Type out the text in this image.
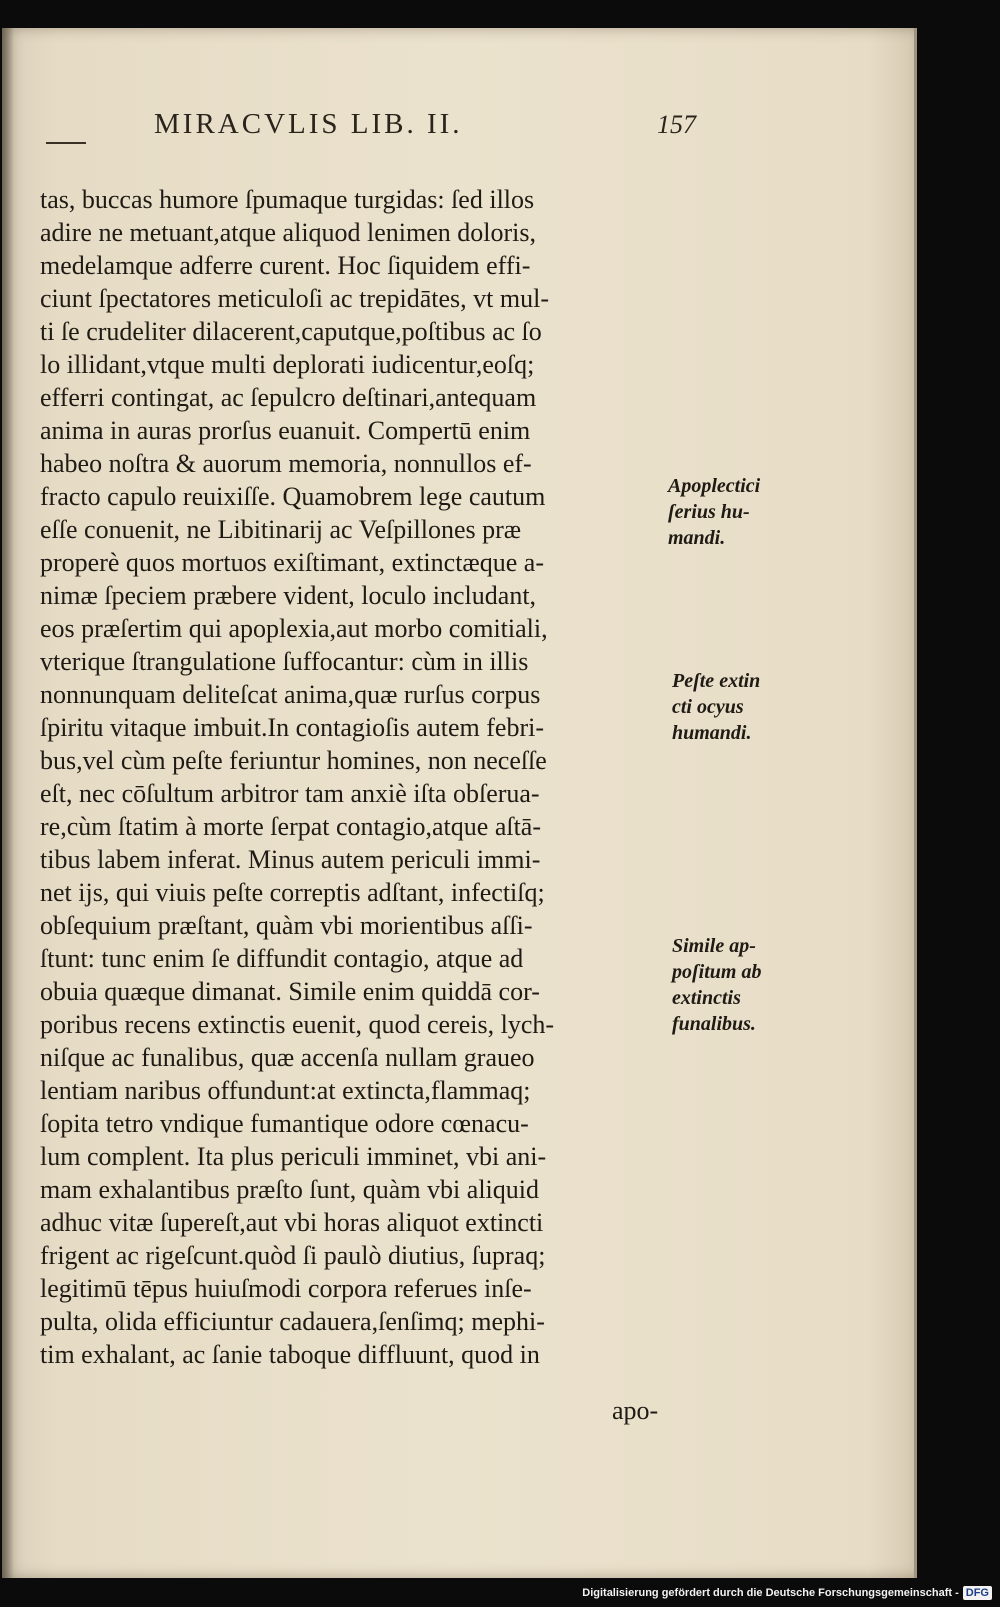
MIRACVLIS LIB. II.	157
tas, buccas humore ſpumaque turgidas: ſed illos
adire ne metuant,atque aliquod lenimen doloris,
medelamque adferre curent. Hoc ſiquidem effi-
ciunt ſpectatores meticuloſi ac trepidātes, vt mul-
ti ſe crudeliter dilacerent,caputque,poſtibus ac ſo
lo illidant,vtque multi deplorati iudicentur,eoſq;
efferri contingat, ac ſepulcro deſtinari,antequam
anima in auras prorſus euanuit. Compertū enim
habeo noſtra & auorum memoria, nonnullos ef-
fracto capulo reuixiſſe. Quamobrem lege cautum
eſſe conuenit, ne Libitinarij ac Veſpillones præ
properè quos mortuos exiſtimant, extinctæque a-
nimæ ſpeciem præbere vident, loculo includant,
eos præſertim qui apoplexia,aut morbo comitiali,
vterique ſtrangulatione ſuffocantur: cùm in illis
nonnunquam deliteſcat anima,quæ rurſus corpus
ſpiritu vitaque imbuit.In contagioſis autem febri-
bus,vel cùm peſte feriuntur homines, non neceſſe
eſt, nec cōſultum arbitror tam anxiè iſta obſerua-
re,cùm ſtatim à morte ſerpat contagio,atque aſtā-
tibus labem inferat. Minus autem periculi immi-
net ijs, qui viuis peſte correptis adſtant, infectiſq;
obſequium præſtant, quàm vbi morientibus aſſi-
ſtunt: tunc enim ſe diffundit contagio, atque ad
obuia quæque dimanat. Simile enim quiddā cor-
poribus recens extinctis euenit, quod cereis, lych-
niſque ac funalibus, quæ accenſa nullam graueo
lentiam naribus offundunt:at extincta,flammaq;
ſopita tetro vndique fumantique odore cœnacu-
lum complent. Ita plus periculi imminet, vbi ani-
mam exhalantibus præſto ſunt, quàm vbi aliquid
adhuc vitæ ſupereſt,aut vbi horas aliquot extincti
frigent ac rigeſcunt.quòd ſi paulò diutius, ſupraq;
legitimū tēpus huiuſmodi corpora referues inſe-
pulta, olida efficiuntur cadauera,ſenſimq; mephi-
tim exhalant, ac ſanie taboque diffluunt, quod in
apo-
Apoplectici
ſerius hu-
mandi.
Peſte extin
cti ocyus
humandi.
Simile ap-
poſitum ab
extinctis
funalibus.
Digitalisierung gefördert durch die Deutsche Forschungsgemeinschaft - DFG
